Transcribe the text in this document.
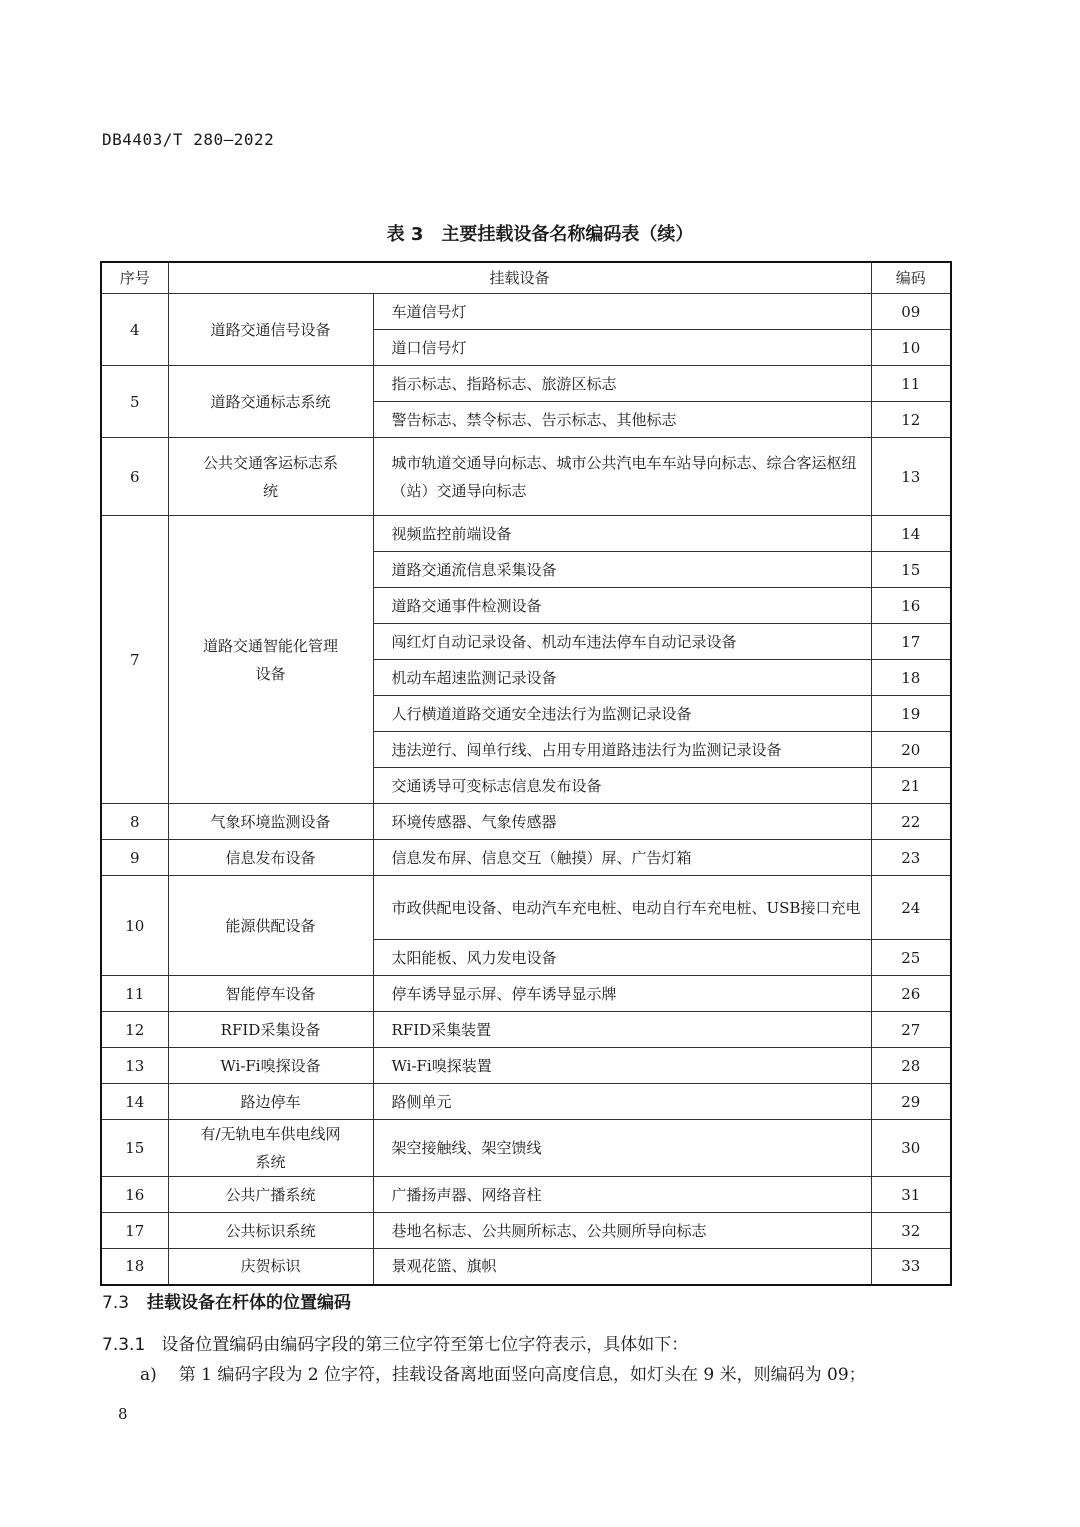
DB4403/T 280—2022
表 3　主要挂载设备名称编码表（续）
序号	挂载设备		编码
4	道路交通信号设备	车道信号灯	09
		道口信号灯	10
5	道路交通标志系统	指示标志、指路标志、旅游区标志	11
		警告标志、禁令标志、告示标志、其他标志	12
6	公共交通客运标志系统	城市轨道交通导向标志、城市公共汽电车车站导向标志、综合客运枢纽（站）交通导向标志	13
7	道路交通智能化管理设备	视频监控前端设备	14
		道路交通流信息采集设备	15
		道路交通事件检测设备	16
		闯红灯自动记录设备、机动车违法停车自动记录设备	17
		机动车超速监测记录设备	18
		人行横道道路交通安全违法行为监测记录设备	19
		违法逆行、闯单行线、占用专用道路违法行为监测记录设备	20
		交通诱导可变标志信息发布设备	21
8	气象环境监测设备	环境传感器、气象传感器	22
9	信息发布设备	信息发布屏、信息交互（触摸）屏、广告灯箱	23
10	能源供配设备	市政供配电设备、电动汽车充电桩、电动自行车充电桩、USB接口充电	24
		太阳能板、风力发电设备	25
11	智能停车设备	停车诱导显示屏、停车诱导显示牌	26
12	RFID采集设备	RFID采集装置	27
13	Wi-Fi嗅探设备	Wi-Fi嗅探装置	28
14	路边停车	路侧单元	29
15	有/无轨电车供电线网系统	架空接触线、架空馈线	30
16	公共广播系统	广播扬声器、网络音柱	31
17	公共标识系统	巷地名标志、公共厕所标志、公共厕所导向标志	32
18	庆贺标识	景观花篮、旗帜	33
7.3 挂载设备在杆体的位置编码
7.3.1 设备位置编码由编码字段的第三位字符至第七位字符表示，具体如下：
a) 第 1 编码字段为 2 位字符，挂载设备离地面竖向高度信息，如灯头在 9 米，则编码为 09；
8
